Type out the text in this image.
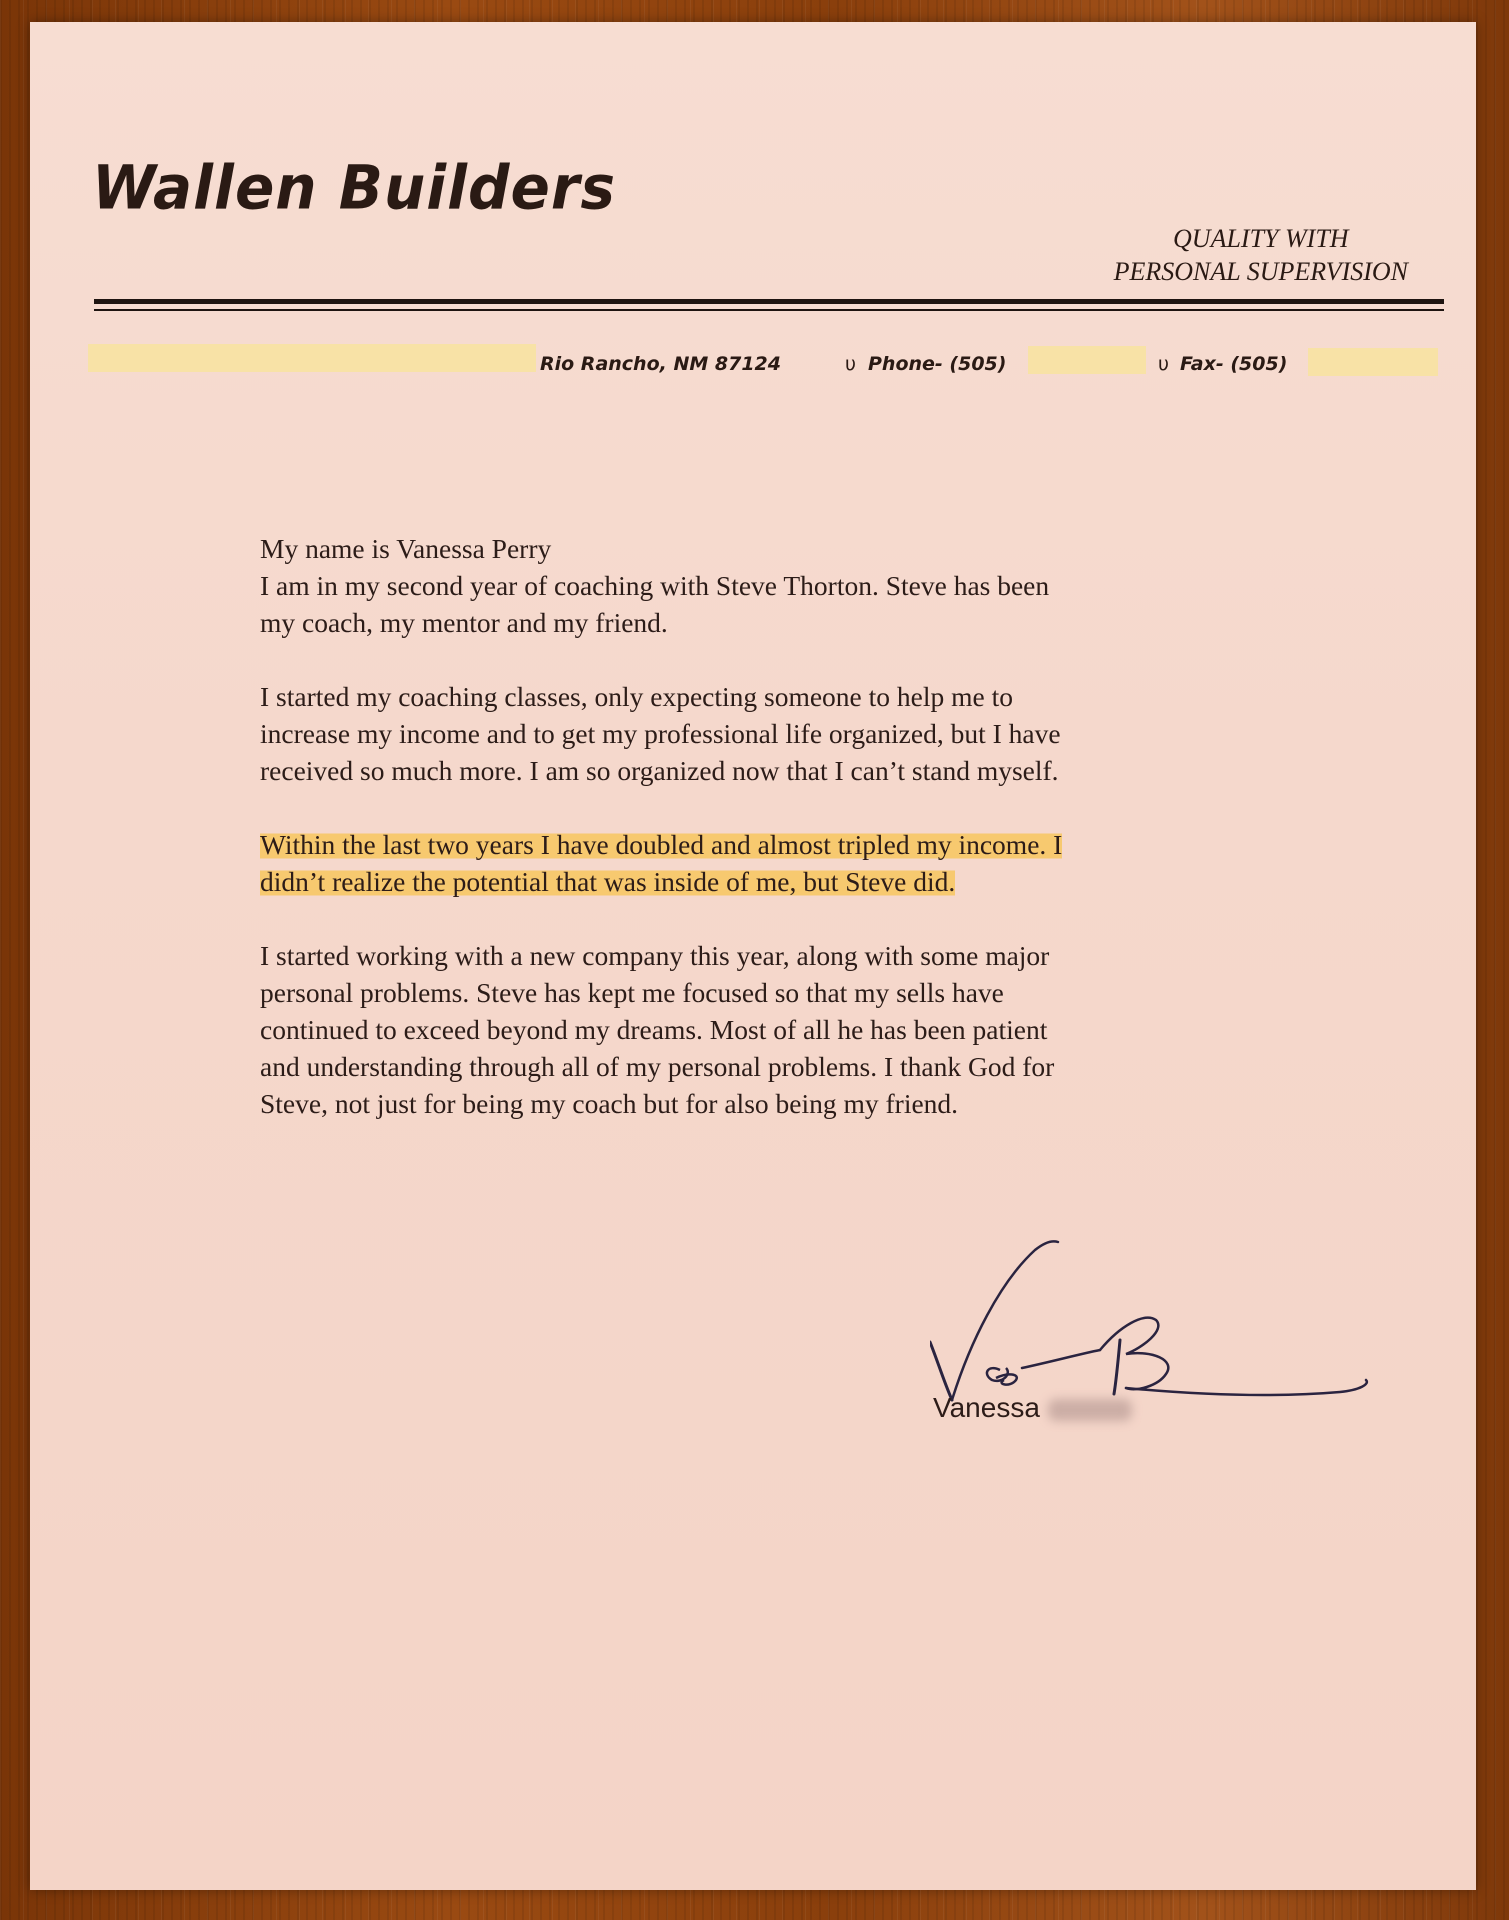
Wallen Builders
QUALITY WITH
PERSONAL SUPERVISION
Rio Rancho, NM 87124	υ Phone- (505)	υ Fax- (505)

My name is Vanessa Perry

I am in my second year of coaching with Steve Thorton. Steve has been
my coach, my mentor and my friend.

I started my coaching classes, only expecting someone to help me to
increase my income and to get my professional life organized, but I have
received so much more. I am so organized now that I can’t stand myself.

Within the last two years I have doubled and almost tripled my income. I
didn’t realize the potential that was inside of me, but Steve did.

I started working with a new company this year, along with some major
personal problems. Steve has kept me focused so that my sells have
continued to exceed beyond my dreams. Most of all he has been patient
and understanding through all of my personal problems. I thank God for
Steve, not just for being my coach but for also being my friend.

Vanessa
